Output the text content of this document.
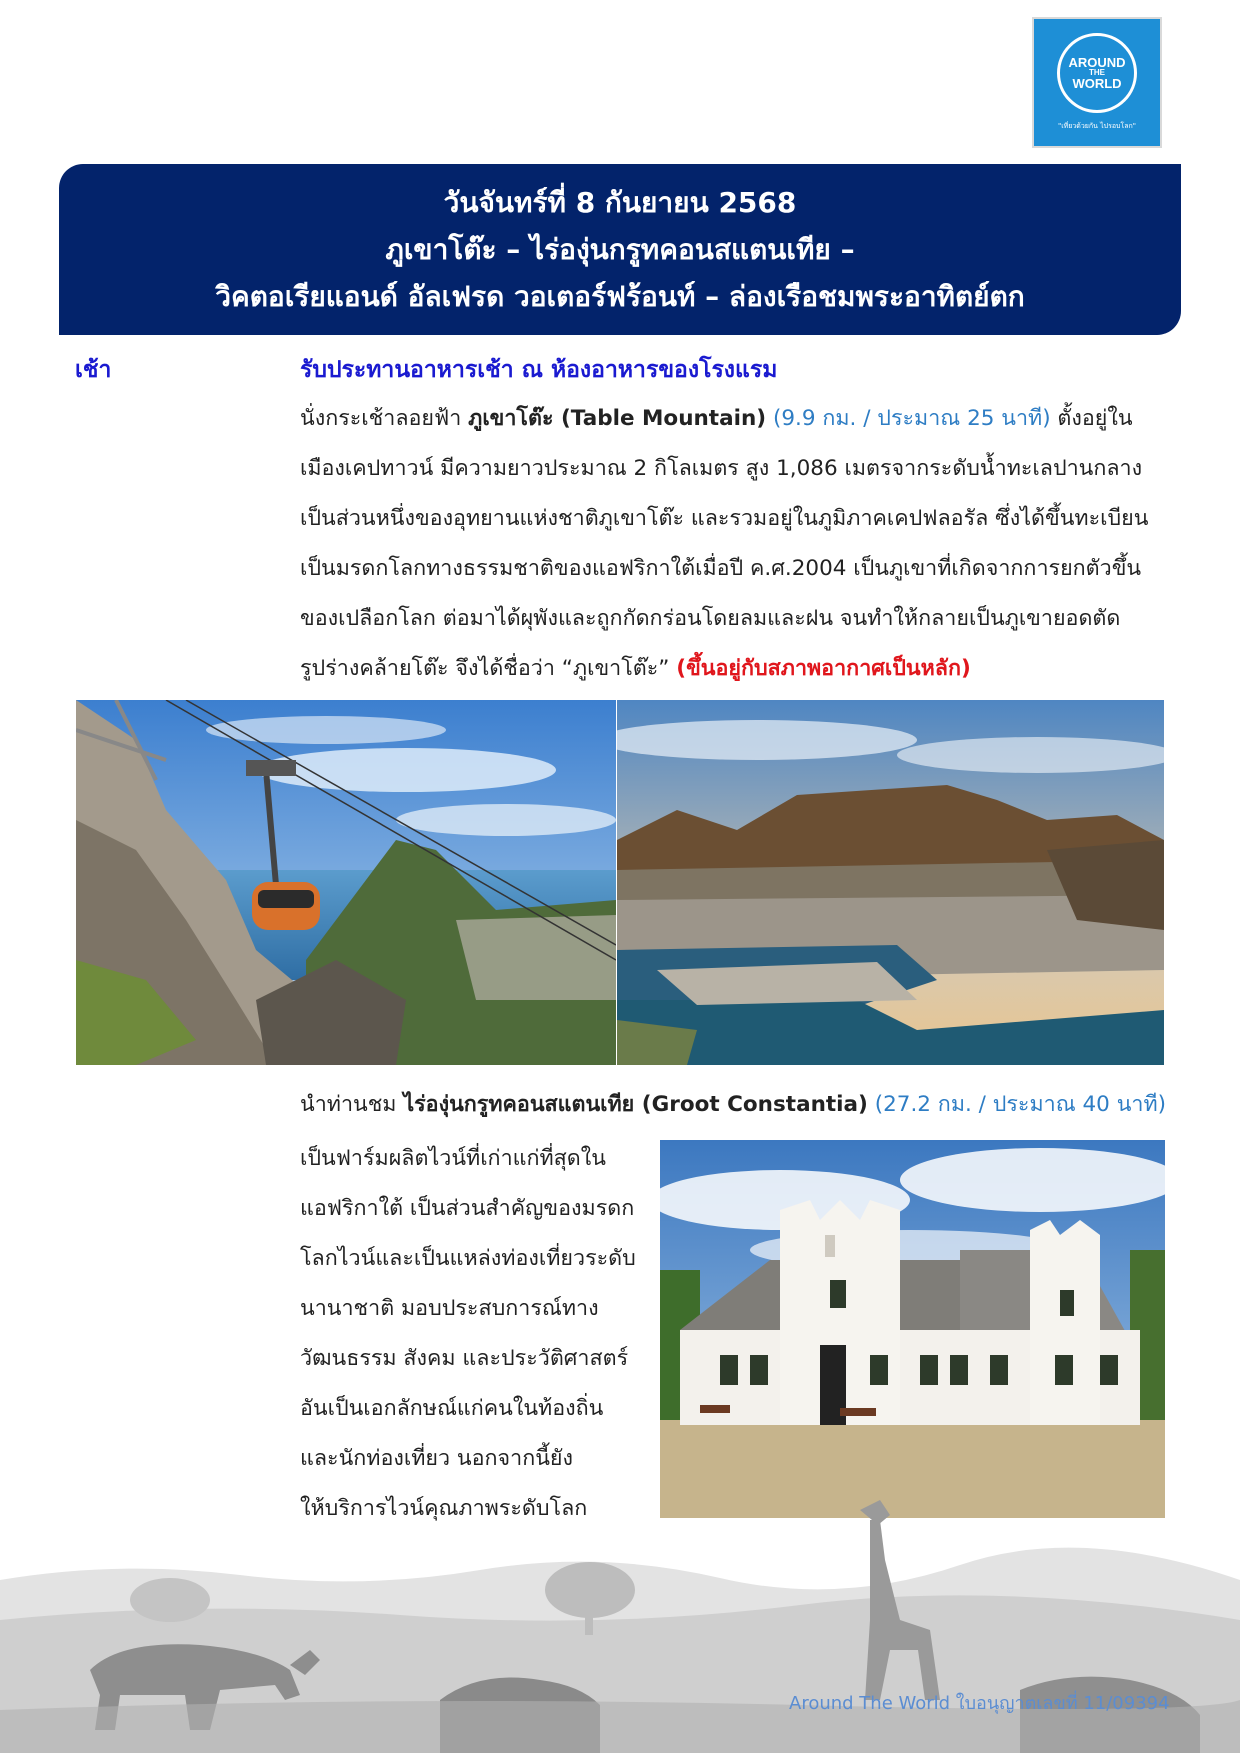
AROUND
THE
WORLD
"เที่ยวด้วยกัน ไปรอบโลก"
วันจันทร์ที่ 8 กันยายน 2568
ภูเขาโต๊ะ – ไร่องุ่นกรูทคอนสแตนเทีย –
วิคตอเรียแอนด์ อัลเฟรด วอเตอร์ฟร้อนท์ – ล่องเรือชมพระอาทิตย์ตก
เช้า	รับประทานอาหารเช้า ณ ห้องอาหารของโรงแรม
นั่งกระเช้าลอยฟ้า ภูเขาโต๊ะ (Table Mountain) (9.9 กม. / ประมาณ 25 นาที) ตั้งอยู่ใน
เมืองเคปทาวน์ มีความยาวประมาณ 2 กิโลเมตร สูง 1,086 เมตรจากระดับน้ำทะเลปานกลาง
เป็นส่วนหนึ่งของอุทยานแห่งชาติภูเขาโต๊ะ และรวมอยู่ในภูมิภาคเคปฟลอรัล ซึ่งได้ขึ้นทะเบียน
เป็นมรดกโลกทางธรรมชาติของแอฟริกาใต้เมื่อปี ค.ศ.2004 เป็นภูเขาที่เกิดจากการยกตัวขึ้น
ของเปลือกโลก ต่อมาได้ผุพังและถูกกัดกร่อนโดยลมและฝน จนทำให้กลายเป็นภูเขายอดตัด
รูปร่างคล้ายโต๊ะ จึงได้ชื่อว่า “ภูเขาโต๊ะ” (ขึ้นอยู่กับสภาพอากาศเป็นหลัก)
นำท่านชม ไร่องุ่นกรูทคอนสแตนเทีย (Groot Constantia) (27.2 กม. / ประมาณ 40 นาที)
เป็นฟาร์มผลิตไวน์ที่เก่าแก่ที่สุดใน
แอฟริกาใต้ เป็นส่วนสำคัญของมรดก
โลกไวน์และเป็นแหล่งท่องเที่ยวระดับ
นานาชาติ มอบประสบการณ์ทาง
วัฒนธรรม สังคม และประวัติศาสตร์
อันเป็นเอกลักษณ์แก่คนในท้องถิ่น
และนักท่องเที่ยว นอกจากนี้ยัง
ให้บริการไวน์คุณภาพระดับโลก
Around The World ใบอนุญาตเลขที่ 11/09394
